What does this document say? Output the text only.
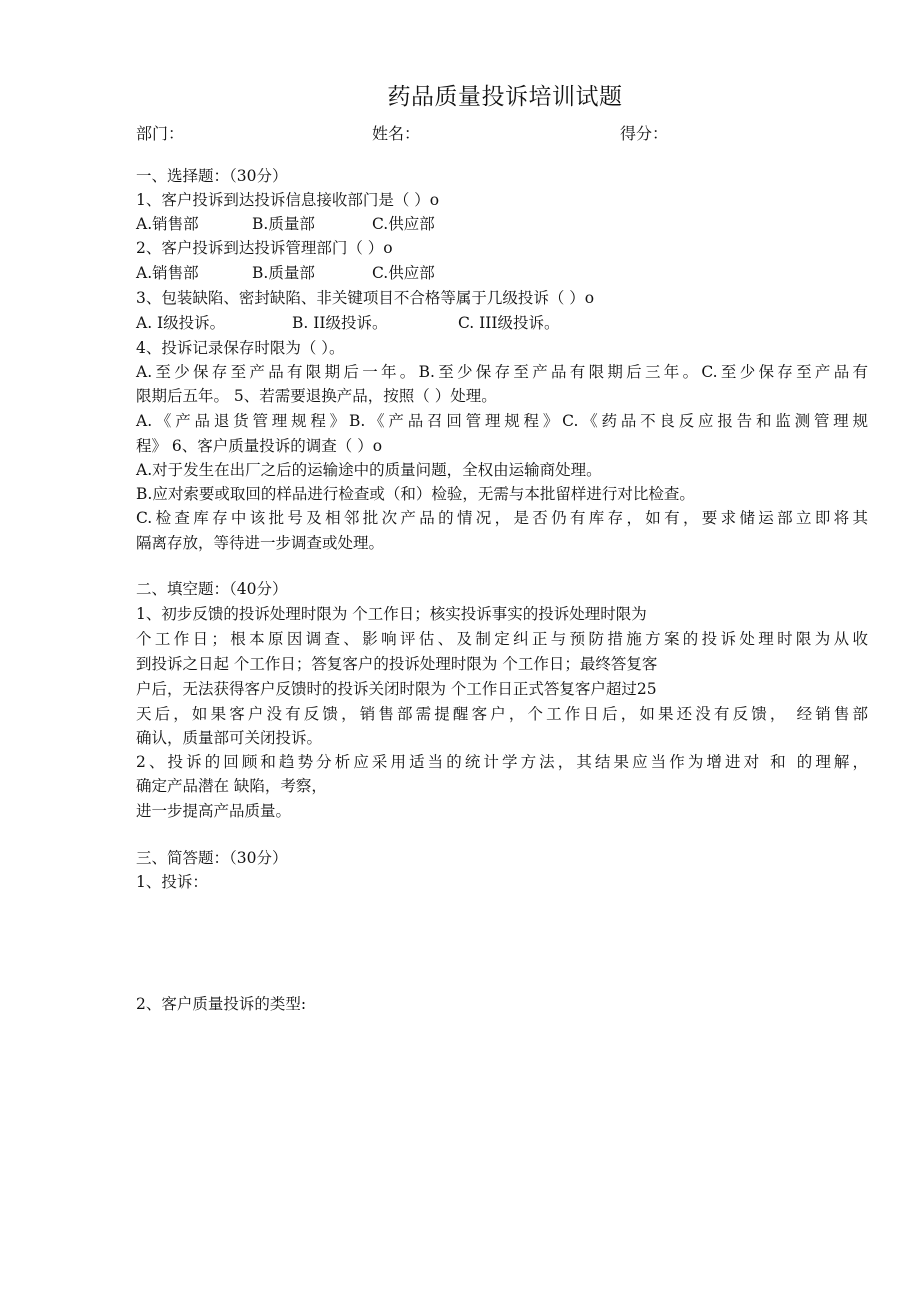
药品质量投诉培训试题
部门：	姓名：	得分：
一、选择题：（30分）
1、客户投诉到达投诉信息接收部门是（ ）o
A.销售部	B.质量部	C.供应部
2、客户投诉到达投诉管理部门（ ）o
A.销售部	B.质量部	C.供应部
3、包装缺陷、密封缺陷、非关键项目不合格等属于几级投诉（ ）o
A. I级投诉。	B. II级投诉。	C. III级投诉。
4、投诉记录保存时限为（ ）。
A.至少保存至产品有限期后一年。B.至少保存至产品有限期后三年。C.至少保存至产品有
限期后五年。 5、若需要退换产品，按照（ ）处理。
A.《产品退货管理规程》B.《产品召回管理规程》C.《药品不良反应报告和监测管理规
程》 6、客户质量投诉的调查（ ）o
A.对于发生在出厂之后的运输途中的质量问题，全权由运输商处理。
B.应对索要或取回的样品进行检查或（和）检验，无需与本批留样进行对比检查。
C.检查库存中该批号及相邻批次产品的情况，是否仍有库存，如有，要求储运部立即将其
隔离存放，等待进一步调查或处理。
二、填空题：（40分）
1、初步反馈的投诉处理时限为 个工作日；核实投诉事实的投诉处理时限为
个工作日；根本原因调查、影响评估、及制定纠正与预防措施方案的投诉处理时限为从收
到投诉之日起 个工作日；答复客户的投诉处理时限为 个工作日；最终答复客
户后，无法获得客户反馈时的投诉关闭时限为 个工作日正式答复客户超过25
天后，如果客户没有反馈，销售部需提醒客户，个工作日后，如果还没有反馈， 经销售部
确认，质量部可关闭投诉。
2、投诉的回顾和趋势分析应采用适当的统计学方法，其结果应当作为增进对 和 的理解，
确定产品潜在 缺陷，考察，
进一步提高产品质量。
三、简答题：（30分）
1、投诉：
2、客户质量投诉的类型:
